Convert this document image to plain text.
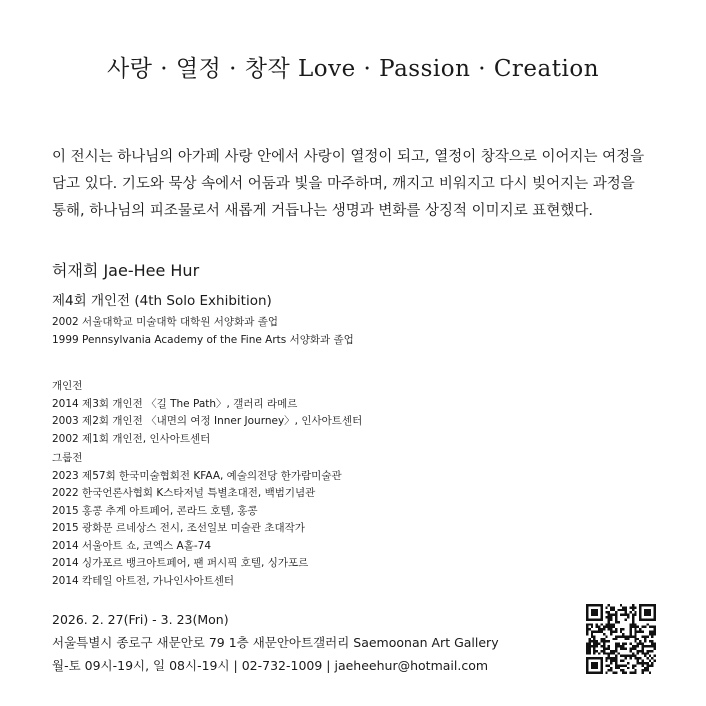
사랑 · 열정 · 창작 Love · Passion · Creation
이 전시는 하나님의 아가페 사랑 안에서 사랑이 열정이 되고, 열정이 창작으로 이어지는 여정을
담고 있다. 기도와 묵상 속에서 어둠과 빛을 마주하며, 깨지고 비워지고 다시 빚어지는 과정을
통해, 하나님의 피조물로서 새롭게 거듭나는 생명과 변화를 상징적 이미지로 표현했다.
허재희 Jae-Hee Hur
제4회 개인전 (4th Solo Exhibition)
2002 서울대학교 미술대학 대학원 서양화과 졸업
1999 Pennsylvania Academy of the Fine Arts 서양화과 졸업
개인전
2014 제3회 개인전 〈길 The Path〉, 갤러리 라메르
2003 제2회 개인전 〈내면의 여정 Inner Journey〉, 인사아트센터
2002 제1회 개인전, 인사아트센터
그룹전
2023 제57회 한국미술협회전 KFAA, 예술의전당 한가람미술관
2022 한국언론사협회 K스타저널 특별초대전, 백범기념관
2015 홍콩 추계 아트페어, 콘라드 호텔, 홍콩
2015 광화문 르네상스 전시, 조선일보 미술관 초대작가
2014 서울아트 쇼, 코엑스 A홀-74
2014 싱가포르 뱅크아트페어, 팬 퍼시픽 호텔, 싱가포르
2014 칵테일 아트전, 가나인사아트센터
2026. 2. 27(Fri) - 3. 23(Mon)
서울특별시 종로구 새문안로 79 1층 새문안아트갤러리 Saemoonan Art Gallery
월-토 09시-19시, 일 08시-19시 | 02-732-1009 | jaeheehur@hotmail.com
